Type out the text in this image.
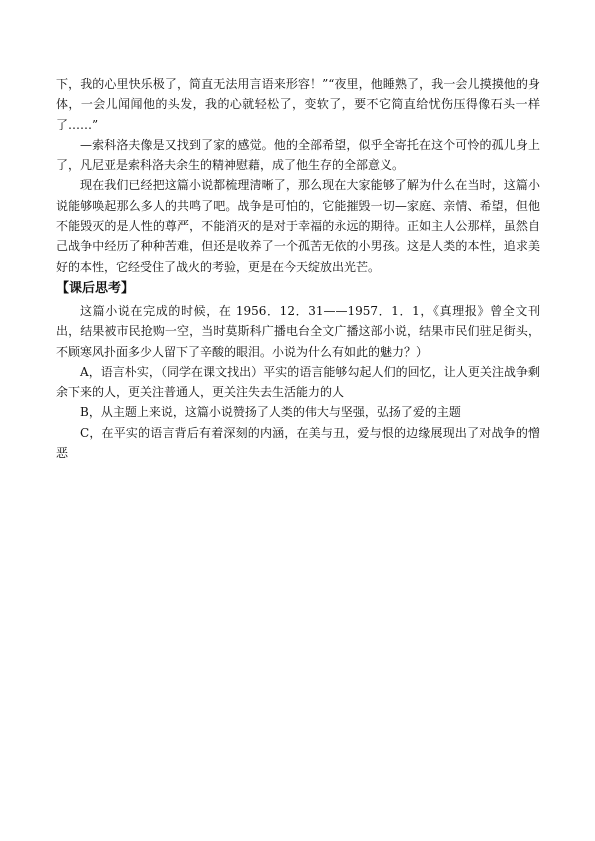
下，我的心里快乐极了，简直无法用言语来形容！”“夜里，他睡熟了，我一会儿摸摸他的身体，一会儿闻闻他的头发，我的心就轻松了，变软了，要不它简直给忧伤压得像石头一样了……”

—索科洛夫像是又找到了家的感觉。他的全部希望，似乎全寄托在这个可怜的孤儿身上了，凡尼亚是索科洛夫余生的精神慰藉，成了他生存的全部意义。

现在我们已经把这篇小说都梳理清晰了，那么现在大家能够了解为什么在当时，这篇小说能够唤起那么多人的共鸣了吧。战争是可怕的，它能摧毁一切—家庭、亲情、希望，但他不能毁灭的是人性的尊严，不能消灭的是对于幸福的永远的期待。正如主人公那样，虽然自己战争中经历了种种苦难，但还是收养了一个孤苦无依的小男孩。这是人类的本性，追求美好的本性，它经受住了战火的考验，更是在今天绽放出光芒。

【课后思考】

这篇小说在完成的时候，在 1956．12．31——1957．1．1，《真理报》曾全文刊出，结果被市民抢购一空，当时莫斯科广播电台全文广播这部小说，结果市民们驻足街头，不顾寒风扑面多少人留下了辛酸的眼泪。小说为什么有如此的魅力？）

A，语言朴实，（同学在课文找出）平实的语言能够勾起人们的回忆，让人更关注战争剩余下来的人，更关注普通人，更关注失去生活能力的人

B，从主题上来说，这篇小说赞扬了人类的伟大与坚强，弘扬了爱的主题

C，在平实的语言背后有着深刻的内涵，在美与丑，爱与恨的边缘展现出了对战争的憎恶
